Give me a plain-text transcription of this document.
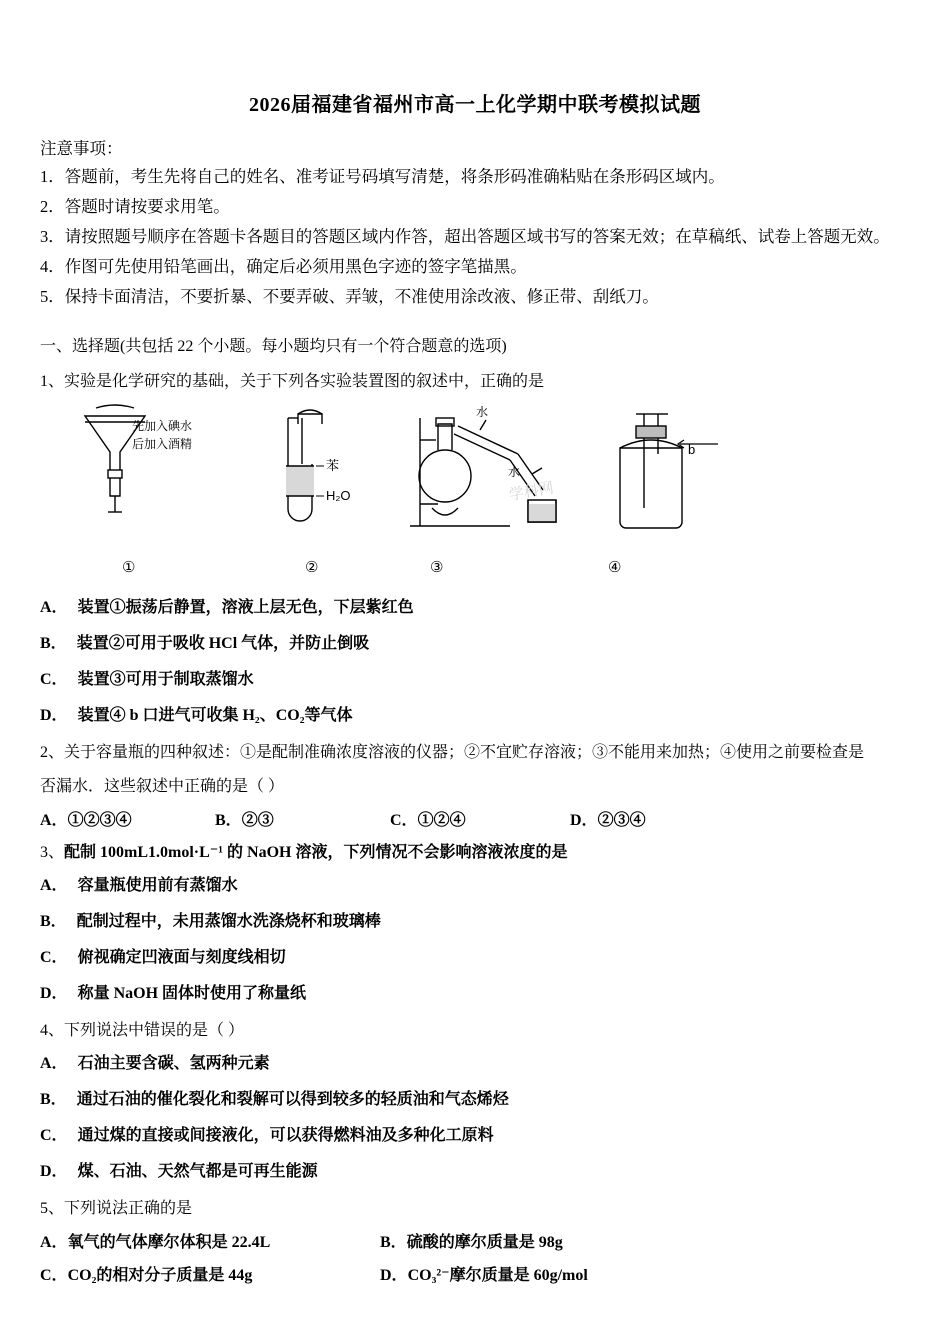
2026届福建省福州市高一上化学期中联考模拟试题
注意事项：
1．答题前，考生先将自己的姓名、准考证号码填写清楚，将条形码准确粘贴在条形码区域内。
2．答题时请按要求用笔。
3．请按照题号顺序在答题卡各题目的答题区域内作答，超出答题区域书写的答案无效；在草稿纸、试卷上答题无效。
4．作图可先使用铅笔画出，确定后必须用黑色字迹的签字笔描黑。
5．保持卡面清洁，不要折暴、不要弄破、弄皱，不准使用涂改液、修正带、刮纸刀。
一、选择题(共包括 22 个小题。每小题均只有一个符合题意的选项)
1、实验是化学研究的基础，关于下列各实验装置图的叙述中，正确的是
先加入碘水
后加入酒精
苯
H₂O
水
水
b
学科网
①	②	③	④
A． 装置①振荡后静置，溶液上层无色，下层紫红色
B． 装置②可用于吸收 HCl 气体，并防止倒吸
C． 装置③可用于制取蒸馏水
D． 装置④ b 口进气可收集 H₂、CO₂等气体
2、关于容量瓶的四种叙述：①是配制准确浓度溶液的仪器；②不宜贮存溶液；③不能用来加热；④使用之前要检查是
否漏水．这些叙述中正确的是（ ）
A．①②③④	B．②③	C．①②④	D．②③④
3、配制 100mL1.0mol·L⁻¹ 的 NaOH 溶液，下列情况不会影响溶液浓度的是
A． 容量瓶使用前有蒸馏水
B． 配制过程中，未用蒸馏水洗涤烧杯和玻璃棒
C． 俯视确定凹液面与刻度线相切
D． 称量 NaOH 固体时使用了称量纸
4、下列说法中错误的是（ ）
A． 石油主要含碳、氢两种元素
B． 通过石油的催化裂化和裂解可以得到较多的轻质油和气态烯烃
C． 通过煤的直接或间接液化，可以获得燃料油及多种化工原料
D． 煤、石油、天然气都是可再生能源
5、下列说法正确的是
A．氧气的气体摩尔体积是 22.4L	B．硫酸的摩尔质量是 98g
C．CO₂的相对分子质量是 44g	D．CO₃²⁻摩尔质量是 60g/mol
